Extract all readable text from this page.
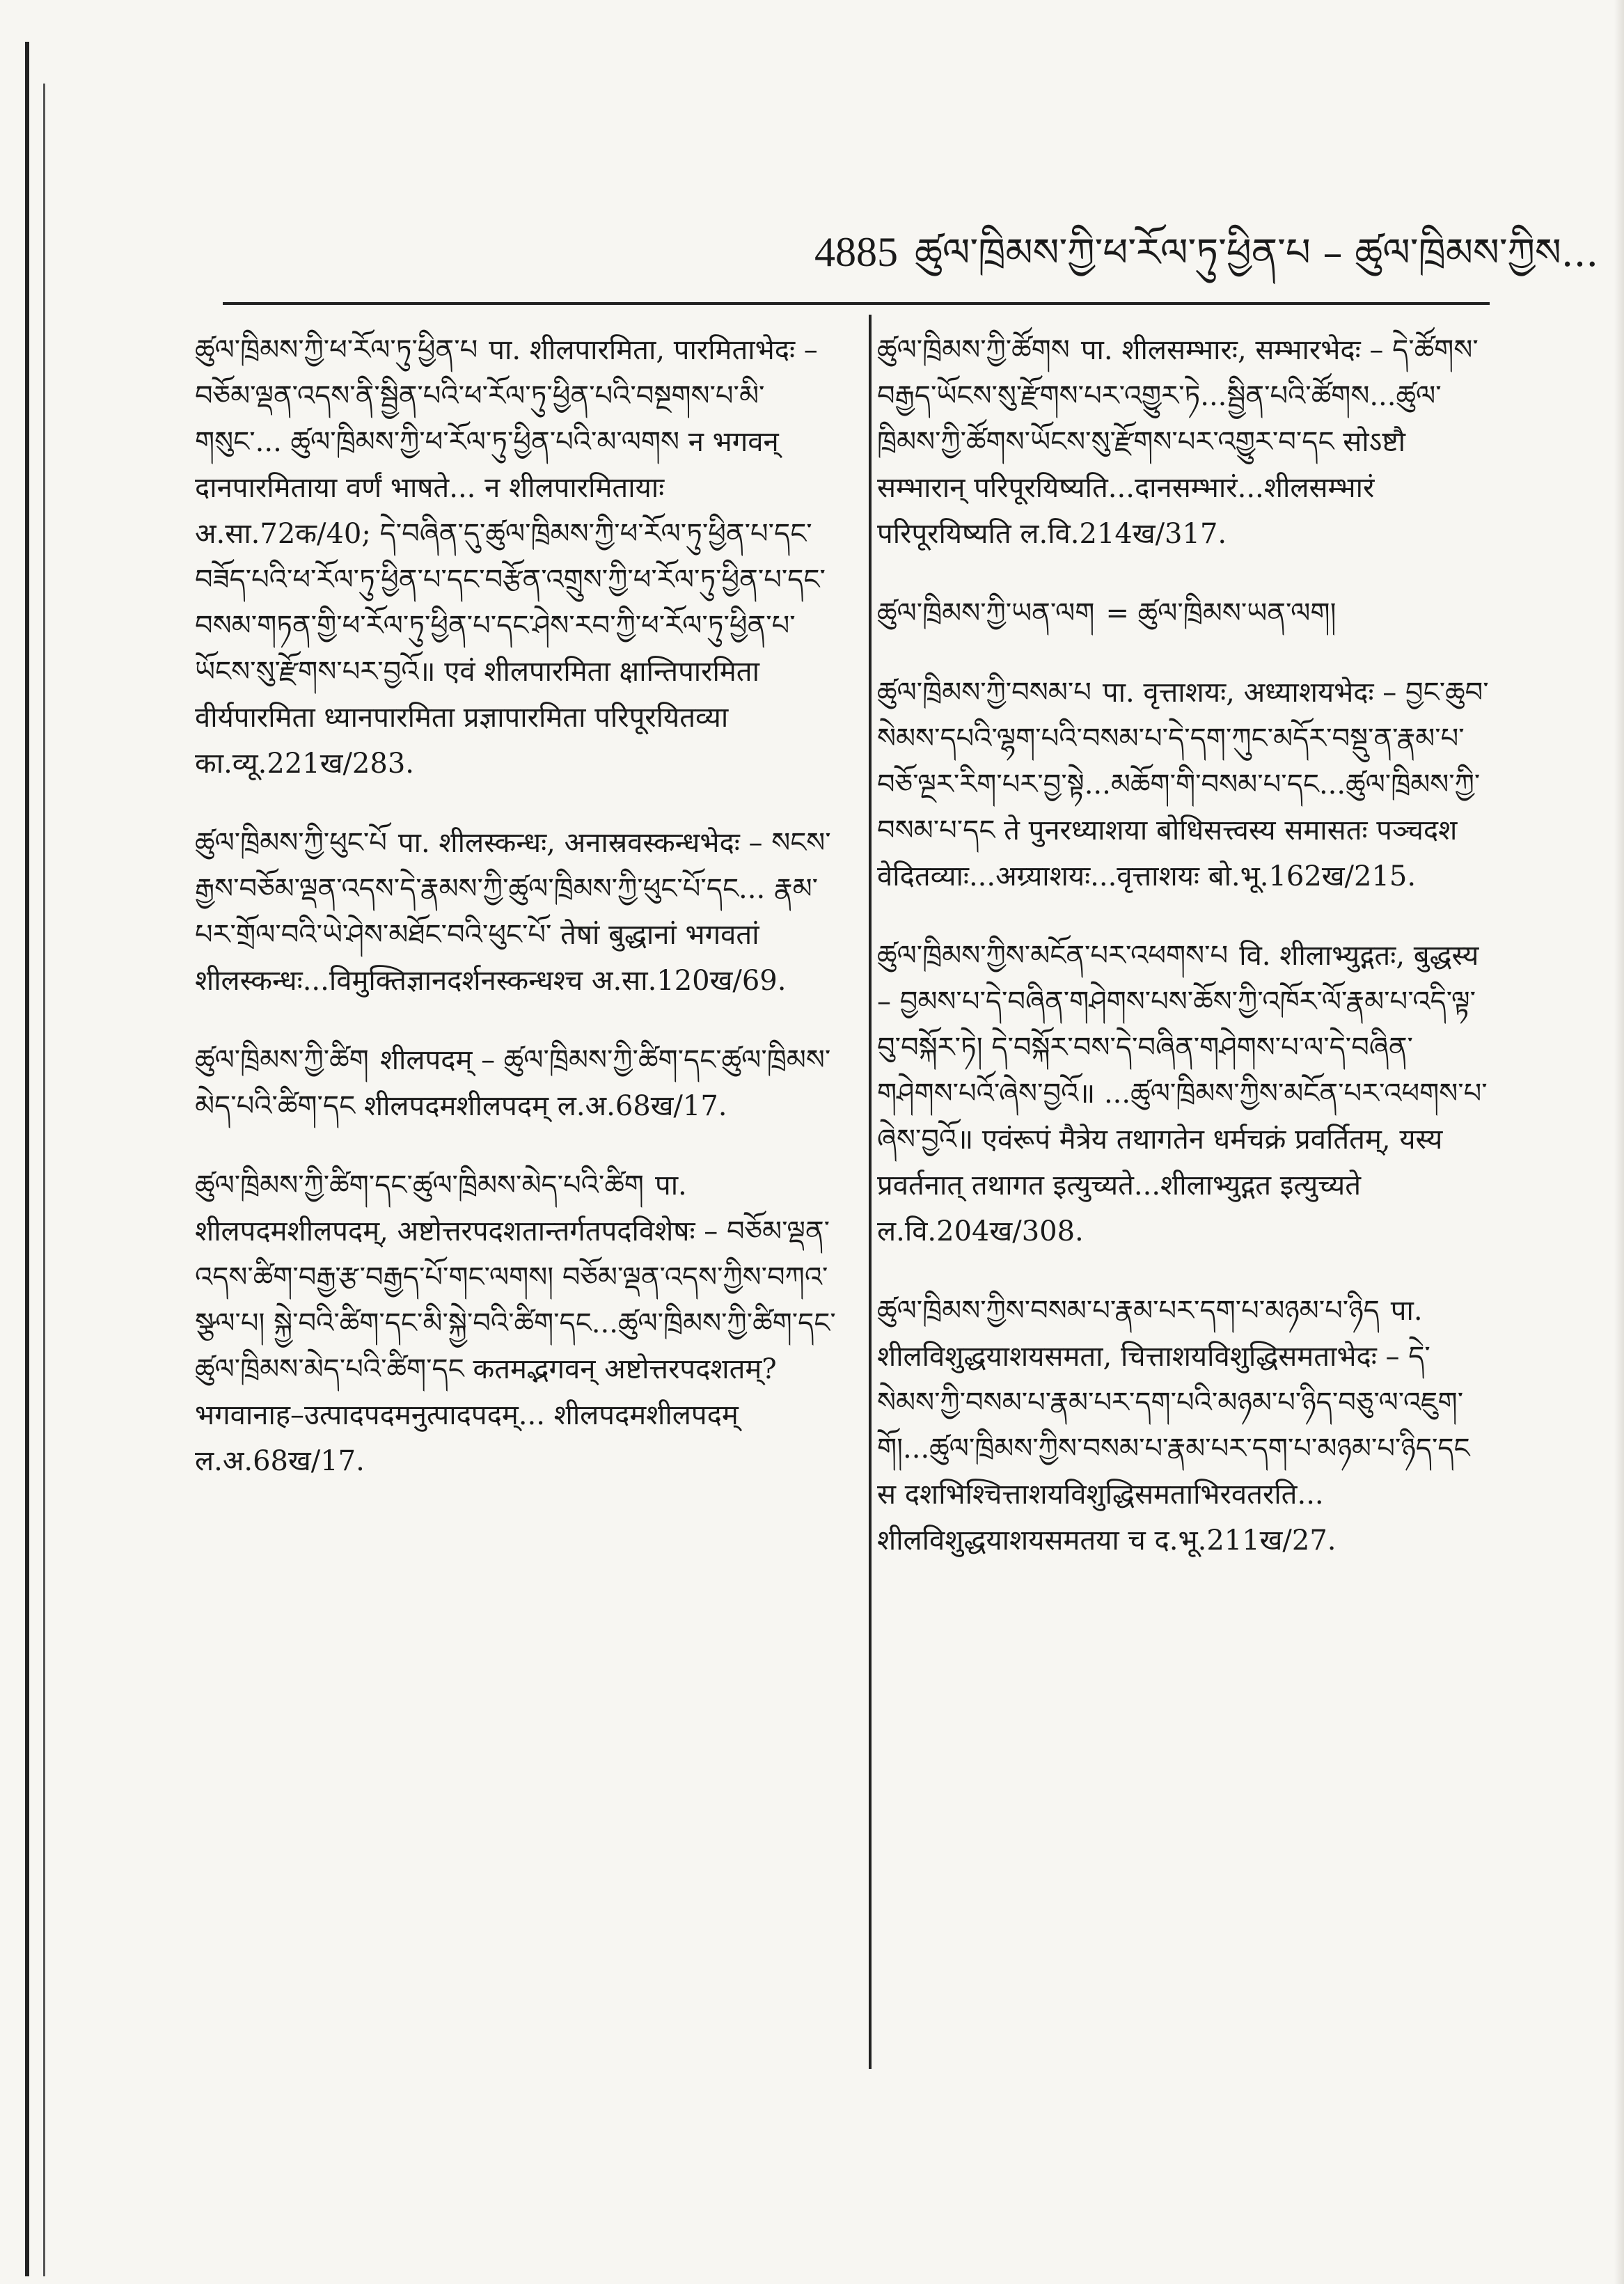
4885 ཚུལ་ཁྲིམས་ཀྱི་ཕ་རོལ་ཏུ་ཕྱིན་པ – ཚུལ་ཁྲིམས་ཀྱིས...
ཚུལ་ཁྲིམས་ཀྱི་ཕ་རོལ་ཏུ་ཕྱིན་པ पा. शीलपारमिता, पारमिताभेदः – བཅོམ་ལྡན་འདས་ནི་སྦྱིན་པའི་ཕ་རོལ་ཏུ་ཕྱིན་པའི་བསྔགས་པ་མི་གསུང་... ཚུལ་ཁྲིམས་ཀྱི་ཕ་རོལ་ཏུ་ཕྱིན་པའི་མ་ལགས न भगवन् दानपारमिताया वर्णं भाषते... न शीलपारमितायाः अ.सा.72क/40; དེ་བཞིན་དུ་ཚུལ་ཁྲིམས་ཀྱི་ཕ་རོལ་ཏུ་ཕྱིན་པ་དང་བཟོད་པའི་ཕ་རོལ་ཏུ་ཕྱིན་པ་དང་བརྩོན་འགྲུས་ཀྱི་ཕ་རོལ་ཏུ་ཕྱིན་པ་དང་བསམ་གཏན་གྱི་ཕ་རོལ་ཏུ་ཕྱིན་པ་དང་ཤེས་རབ་ཀྱི་ཕ་རོལ་ཏུ་ཕྱིན་པ་ཡོངས་སུ་རྫོགས་པར་བྱའོ॥ एवं शीलपारमिता क्षान्तिपारमिता वीर्यपारमिता ध्यानपारमिता प्रज्ञापारमिता परिपूरयितव्या का.व्यू.221ख/283.
ཚུལ་ཁྲིམས་ཀྱི་ཕུང་པོ पा. शीलस्कन्धः, अनास्रवस्कन्धभेदः – སངས་རྒྱས་བཅོམ་ལྡན་འདས་དེ་རྣམས་ཀྱི་ཚུལ་ཁྲིམས་ཀྱི་ཕུང་པོ་དང... རྣམ་པར་གྲོལ་བའི་ཡེ་ཤེས་མཐོང་བའི་ཕུང་པོ་ तेषां बुद्धानां भगवतां शीलस्कन्धः...विमुक्तिज्ञानदर्शनस्कन्धश्च अ.सा.120ख/69.
ཚུལ་ཁྲིམས་ཀྱི་ཚིག शीलपदम् – ཚུལ་ཁྲིམས་ཀྱི་ཚིག་དང་ཚུལ་ཁྲིམས་མེད་པའི་ཚིག་དང शीलपदमशीलपदम् ल.अ.68ख/17.
ཚུལ་ཁྲིམས་ཀྱི་ཚིག་དང་ཚུལ་ཁྲིམས་མེད་པའི་ཚིག पा. शीलपदमशीलपदम्, अष्टोत्तरपदशतान्तर्गतपदविशेषः – བཅོམ་ལྡན་འདས་ཚིག་བརྒྱ་རྩ་བརྒྱད་པོ་གང་ལགས། བཅོམ་ལྡན་འདས་ཀྱིས་བཀའ་སྩལ་པ། སྐྱེ་བའི་ཚིག་དང་མི་སྐྱེ་བའི་ཚིག་དང...ཚུལ་ཁྲིམས་ཀྱི་ཚིག་དང་ཚུལ་ཁྲིམས་མེད་པའི་ཚིག་དང कतमद्भगवन् अष्टोत्तरपदशतम्? भगवानाह–उत्पादपदमनुत्पादपदम्... शीलपदमशीलपदम् ल.अ.68ख/17.
ཚུལ་ཁྲིམས་ཀྱི་ཚོགས पा. शीलसम्भारः, सम्भारभेदः – དེ་ཚོགས་བརྒྱད་ཡོངས་སུ་རྫོགས་པར་འགྱུར་ཏེ...སྦྱིན་པའི་ཚོགས...ཚུལ་ཁྲིམས་ཀྱི་ཚོགས་ཡོངས་སུ་རྫོགས་པར་འགྱུར་བ་དང सोऽष्टौ सम्भारान् परिपूरयिष्यति...दानसम्भारं...शीलसम्भारं परिपूरयिष्यति ल.वि.214ख/317.
ཚུལ་ཁྲིམས་ཀྱི་ཡན་ལག = ཚུལ་ཁྲིམས་ཡན་ལག།
ཚུལ་ཁྲིམས་ཀྱི་བསམ་པ पा. वृत्ताशयः, अध्याशयभेदः – བྱང་ཆུབ་སེམས་དཔའི་ལྷག་པའི་བསམ་པ་དེ་དག་ཀུང་མདོར་བསྡུ་ན་རྣམ་པ་བཅོ་ལྔར་རིག་པར་བྱ་སྟེ...མཆོག་གི་བསམ་པ་དང...ཚུལ་ཁྲིམས་ཀྱི་བསམ་པ་དང ते पुनरध्याशया बोधिसत्त्वस्य समासतः पञ्चदश वेदितव्याः...अग्र्याशयः...वृत्ताशयः बो.भू.162ख/215.
ཚུལ་ཁྲིམས་ཀྱིས་མངོན་པར་འཕགས་པ वि. शीलाभ्युद्गतः, बुद्धस्य – བྱམས་པ་དེ་བཞིན་གཤེགས་པས་ཆོས་ཀྱི་འཁོར་ལོ་རྣམ་པ་འདི་ལྟ་བུ་བསྐོར་ཏེ། དེ་བསྐོར་བས་དེ་བཞིན་གཤེགས་པ་ལ་དེ་བཞིན་གཤེགས་པའོ་ཞེས་བྱའོ॥ ...ཚུལ་ཁྲིམས་ཀྱིས་མངོན་པར་འཕགས་པ་ཞེས་བྱའོ॥ एवंरूपं मैत्रेय तथागतेन धर्मचक्रं प्रवर्तितम्, यस्य प्रवर्तनात् तथागत इत्युच्यते...शीलाभ्युद्गत इत्युच्यते ल.वि.204ख/308.
ཚུལ་ཁྲིམས་ཀྱིས་བསམ་པ་རྣམ་པར་དག་པ་མཉམ་པ་ཉིད पा. शीलविशुद्धयाशयसमता, चित्ताशयविशुद्धिसमताभेदः – དེ་སེམས་ཀྱི་བསམ་པ་རྣམ་པར་དག་པའི་མཉམ་པ་ཉིད་བཅུ་ལ་འཇུག་གོ།...ཚུལ་ཁྲིམས་ཀྱིས་བསམ་པ་རྣམ་པར་དག་པ་མཉམ་པ་ཉིད་དང स दशभिश्चित्ताशयविशुद्धिसमताभिरवतरति... शीलविशुद्धयाशयसमतया च द.भू.211ख/27.
